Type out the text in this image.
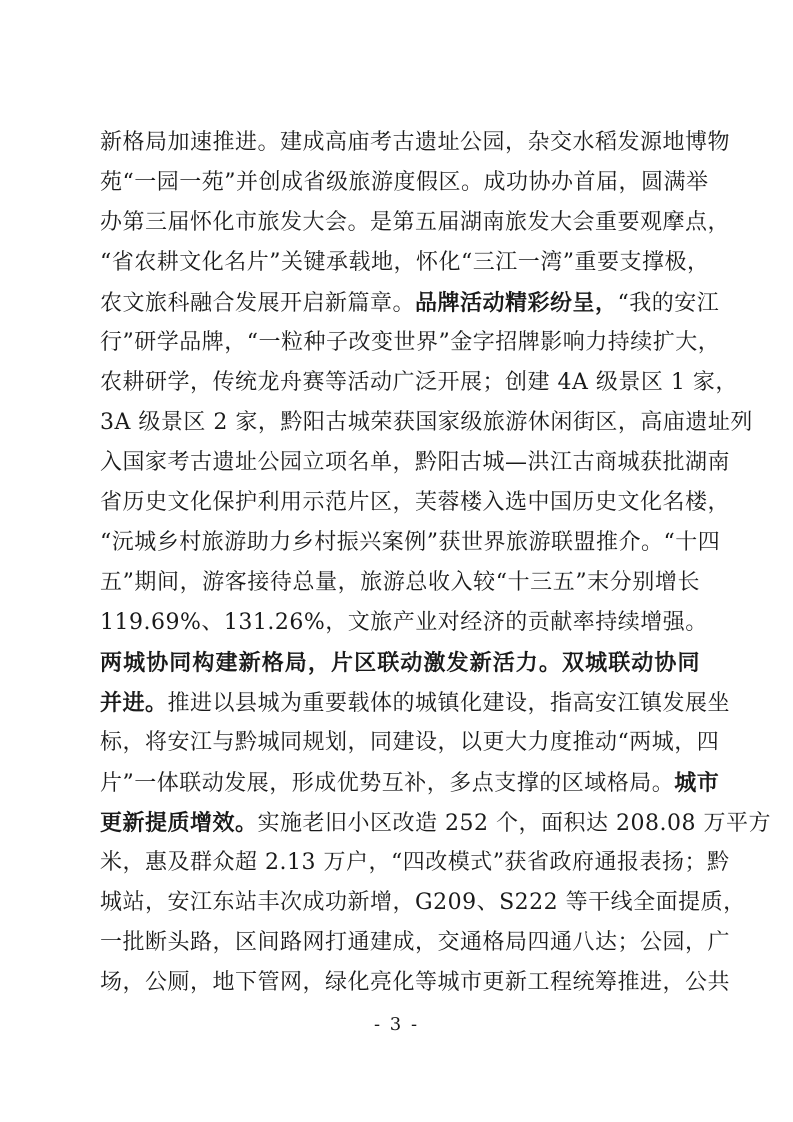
新格局加速推进。建成高庙考古遗址公园，杂交水稻发源地博物
苑“一园一苑”并创成省级旅游度假区。成功协办首届，圆满举
办第三届怀化市旅发大会。是第五届湖南旅发大会重要观摩点，
“省农耕文化名片”关键承载地，怀化“三江一湾”重要支撑极，
农文旅科融合发展开启新篇章。品牌活动精彩纷呈，“我的安江
行”研学品牌，“一粒种子改变世界”金字招牌影响力持续扩大，
农耕研学，传统龙舟赛等活动广泛开展；创建 4A 级景区 1 家，
3A 级景区 2 家，黔阳古城荣获国家级旅游休闲街区，高庙遗址列
入国家考古遗址公园立项名单，黔阳古城—洪江古商城获批湖南
省历史文化保护利用示范片区，芙蓉楼入选中国历史文化名楼，
“沅城乡村旅游助力乡村振兴案例”获世界旅游联盟推介。“十四
五”期间，游客接待总量，旅游总收入较“十三五”末分别增长
119.69%、131.26%，文旅产业对经济的贡献率持续增强。
两城协同构建新格局，片区联动激发新活力。双城联动协同
并进。推进以县城为重要载体的城镇化建设，指高安江镇发展坐
标，将安江与黔城同规划，同建设，以更大力度推动“两城，四
片”一体联动发展，形成优势互补，多点支撑的区域格局。城市
更新提质增效。实施老旧小区改造 252 个，面积达 208.08 万平方
米，惠及群众超 2.13 万户，“四改模式”获省政府通报表扬；黔
城站，安江东站丰次成功新增，G209、S222 等干线全面提质，
一批断头路，区间路网打通建成，交通格局四通八达；公园，广
场，公厕，地下管网，绿化亮化等城市更新工程统筹推进，公共
- 3 -
